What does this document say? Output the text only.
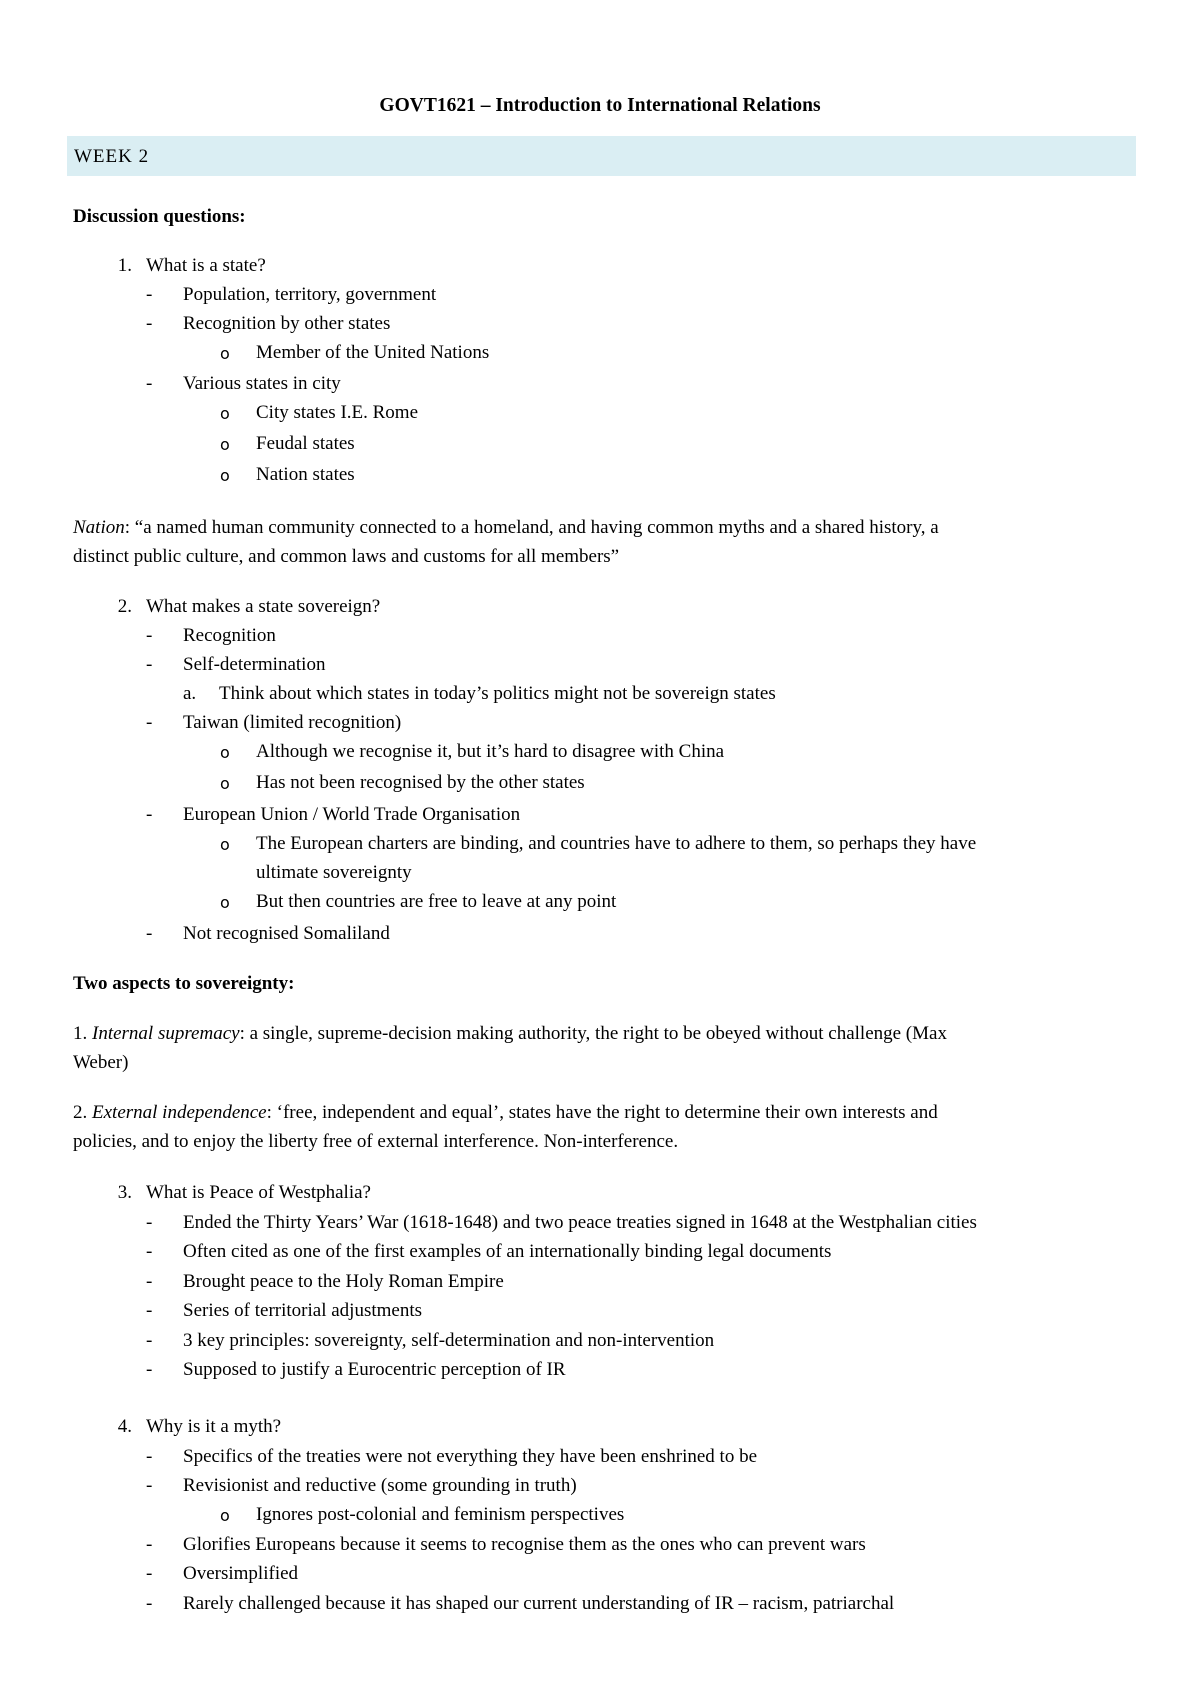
GOVT1621 – Introduction to International Relations
WEEK 2
Discussion questions:
1. What is a state?
- Population, territory, government
- Recognition by other states
o Member of the United Nations
- Various states in city
o City states I.E. Rome
o Feudal states
o Nation states
Nation: “a named human community connected to a homeland, and having common myths and a shared history, a
distinct public culture, and common laws and customs for all members”
2. What makes a state sovereign?
- Recognition
- Self-determination
a. Think about which states in today’s politics might not be sovereign states
- Taiwan (limited recognition)
o Although we recognise it, but it’s hard to disagree with China
o Has not been recognised by the other states
- European Union / World Trade Organisation
o The European charters are binding, and countries have to adhere to them, so perhaps they have
ultimate sovereignty
o But then countries are free to leave at any point
- Not recognised Somaliland
Two aspects to sovereignty:
1. Internal supremacy: a single, supreme-decision making authority, the right to be obeyed without challenge (Max
Weber)
2. External independence: ‘free, independent and equal’, states have the right to determine their own interests and
policies, and to enjoy the liberty free of external interference. Non-interference.
3. What is Peace of Westphalia?
- Ended the Thirty Years’ War (1618-1648) and two peace treaties signed in 1648 at the Westphalian cities
- Often cited as one of the first examples of an internationally binding legal documents
- Brought peace to the Holy Roman Empire
- Series of territorial adjustments
- 3 key principles: sovereignty, self-determination and non-intervention
- Supposed to justify a Eurocentric perception of IR
4. Why is it a myth?
- Specifics of the treaties were not everything they have been enshrined to be
- Revisionist and reductive (some grounding in truth)
o Ignores post-colonial and feminism perspectives
- Glorifies Europeans because it seems to recognise them as the ones who can prevent wars
- Oversimplified
- Rarely challenged because it has shaped our current understanding of IR – racism, patriarchal
